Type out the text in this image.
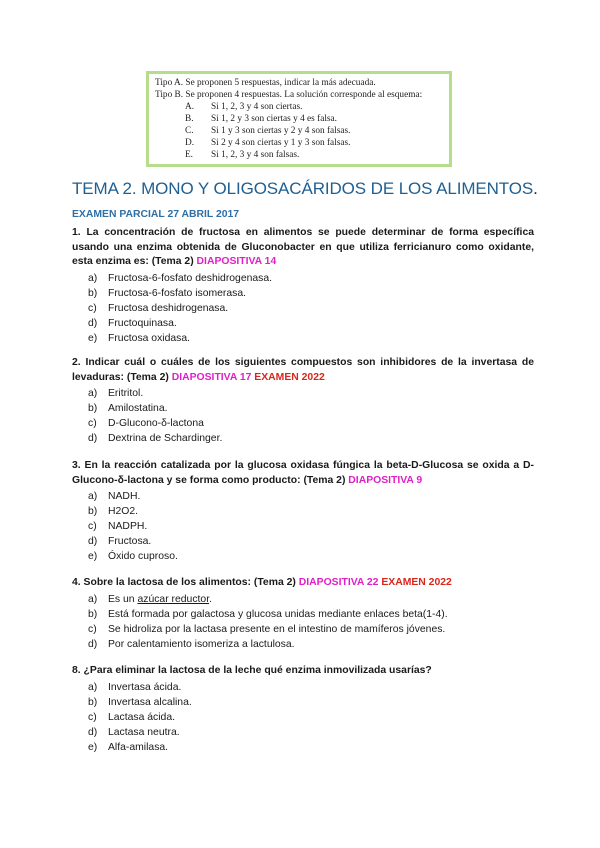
Tipo A. Se proponen 5 respuestas, indicar la más adecuada.
Tipo B. Se proponen 4 respuestas. La solución corresponde al esquema:
A.	Si 1, 2, 3 y 4 son ciertas.
B.	Si 1, 2 y 3 son ciertas y 4 es falsa.
C.	Si 1 y 3 son ciertas y 2 y 4 son falsas.
D.	Si 2 y 4 son ciertas y 1 y 3 son falsas.
E.	Si 1, 2, 3 y 4 son falsas.
TEMA 2. MONO Y OLIGOSACÁRIDOS DE LOS ALIMENTOS.
EXAMEN PARCIAL 27 ABRIL 2017
1. La concentración de fructosa en alimentos se puede determinar de forma específica usando una enzima obtenida de Gluconobacter en que utiliza ferricianuro como oxidante, esta enzima es: (Tema 2) DIAPOSITIVA 14
a)	Fructosa-6-fosfato deshidrogenasa.
b)	Fructosa-6-fosfato isomerasa.
c)	Fructosa deshidrogenasa.
d)	Fructoquinasa.
e)	Fructosa oxidasa.
2. Indicar cuál o cuáles de los siguientes compuestos son inhibidores de la invertasa de levaduras: (Tema 2) DIAPOSITIVA 17 EXAMEN 2022
a)	Eritritol.
b)	Amilostatina.
c)	D-Glucono-δ-lactona
d)	Dextrina de Schardinger.
3. En la reacción catalizada por la glucosa oxidasa fúngica la beta-D-Glucosa se oxida a D-Glucono-δ-lactona y se forma como producto: (Tema 2) DIAPOSITIVA 9
a)	NADH.
b)	H2O2.
c)	NADPH.
d)	Fructosa.
e)	Óxido cuproso.
4. Sobre la lactosa de los alimentos: (Tema 2) DIAPOSITIVA 22 EXAMEN 2022
a)	Es un azúcar reductor.
b)	Está formada por galactosa y glucosa unidas mediante enlaces beta(1-4).
c)	Se hidroliza por la lactasa presente en el intestino de mamíferos jóvenes.
d)	Por calentamiento isomeriza a lactulosa.
8. ¿Para eliminar la lactosa de la leche qué enzima inmovilizada usarías?
a)	Invertasa ácida.
b)	Invertasa alcalina.
c)	Lactasa ácida.
d)	Lactasa neutra.
e)	Alfa-amilasa.
